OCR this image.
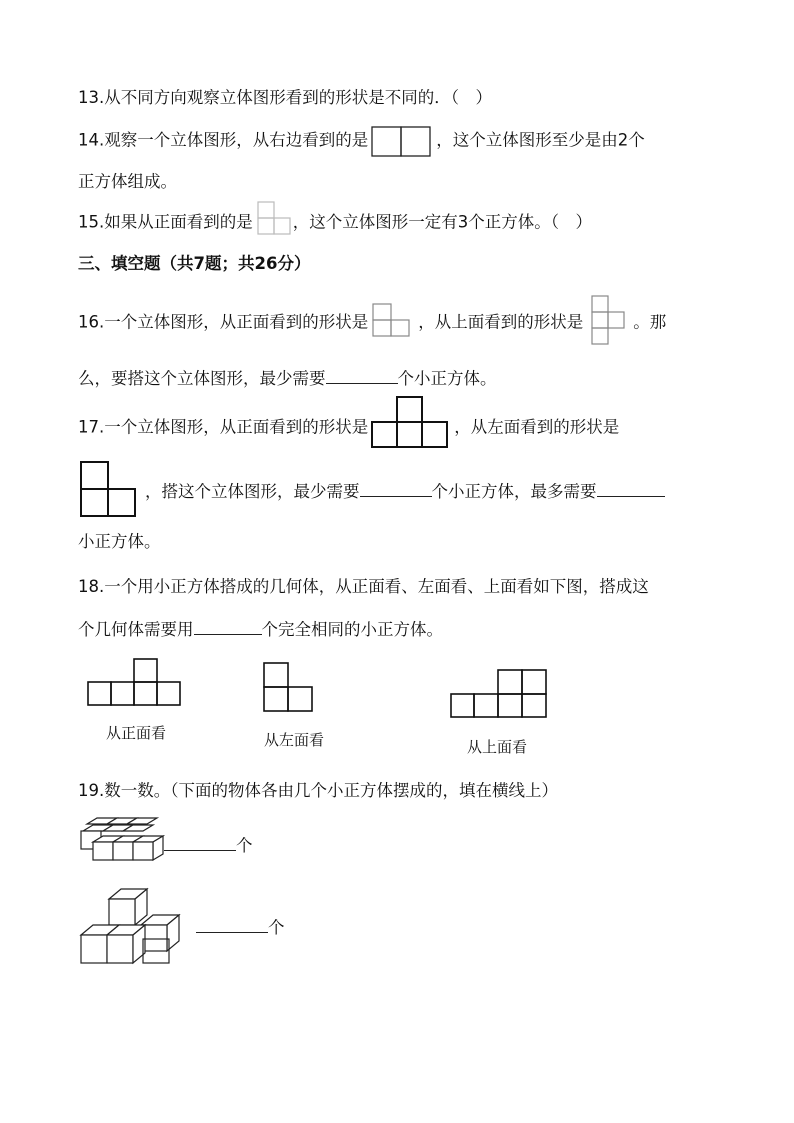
13.从不同方向观察立体图形看到的形状是不同的．（　）
14.观察一个立体图形，从右边看到的是	，这个立体图形至少是由2个
正方体组成。
15.如果从正面看到的是 ，这个立体图形一定有3个正方体。（　）
三、填空题（共7题；共26分）
16.一个立体图形，从正面看到的形状是	，从上面看到的形状是	。那
么，要搭这个立体图形，最少需要	个小正方体。
17.一个立体图形，从正面看到的形状是	，从左面看到的形状是
，搭这个立体图形，最少需要	个小正方体，最多需要
小正方体。
18.一个用小正方体搭成的几何体，从正面看、左面看、上面看如下图，搭成这
个几何体需要用	个完全相同的小正方体。
从正面看	从左面看	从上面看
19.数一数。（下面的物体各由几个小正方体摆成的，填在横线上）
个
个
